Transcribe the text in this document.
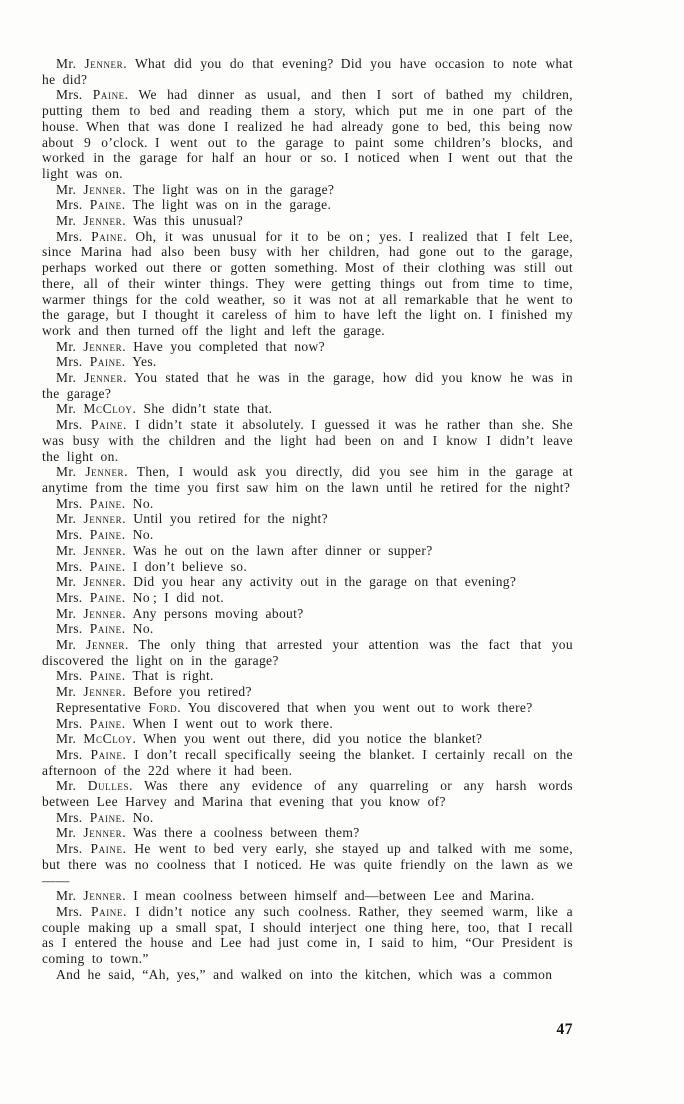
Mr. Jenner. What did you do that evening? Did you have occasion to note what he did?

Mrs. Paine. We had dinner as usual, and then I sort of bathed my children, putting them to bed and reading them a story, which put me in one part of the house. When that was done I realized he had already gone to bed, this being now about 9 o’clock. I went out to the garage to paint some children’s blocks, and worked in the garage for half an hour or so. I noticed when I went out that the light was on.

Mr. Jenner. The light was on in the garage?

Mrs. Paine. The light was on in the garage.

Mr. Jenner. Was this unusual?

Mrs. Paine. Oh, it was unusual for it to be on ; yes. I realized that I felt Lee, since Marina had also been busy with her children, had gone out to the garage, perhaps worked out there or gotten something. Most of their clothing was still out there, all of their winter things. They were getting things out from time to time, warmer things for the cold weather, so it was not at all remarkable that he went to the garage, but I thought it careless of him to have left the light on. I finished my work and then turned off the light and left the garage.

Mr. Jenner. Have you completed that now?

Mrs. Paine. Yes.

Mr. Jenner. You stated that he was in the garage, how did you know he was in the garage?

Mr. McCloy. She didn’t state that.

Mrs. Paine. I didn’t state it absolutely. I guessed it was he rather than she. She was busy with the children and the light had been on and I know I didn’t leave the light on.

Mr. Jenner. Then, I would ask you directly, did you see him in the garage at anytime from the time you first saw him on the lawn until he retired for the night?

Mrs. Paine. No.

Mr. Jenner. Until you retired for the night?

Mrs. Paine. No.

Mr. Jenner. Was he out on the lawn after dinner or supper?

Mrs. Paine. I don’t believe so.

Mr. Jenner. Did you hear any activity out in the garage on that evening?

Mrs. Paine. No ; I did not.

Mr. Jenner. Any persons moving about?

Mrs. Paine. No.

Mr. Jenner. The only thing that arrested your attention was the fact that you discovered the light on in the garage?

Mrs. Paine. That is right.

Mr. Jenner. Before you retired?

Representative Ford. You discovered that when you went out to work there?

Mrs. Paine. When I went out to work there.

Mr. McCloy. When you went out there, did you notice the blanket?

Mrs. Paine. I don’t recall specifically seeing the blanket. I certainly recall on the afternoon of the 22d where it had been.

Mr. Dulles. Was there any evidence of any quarreling or any harsh words between Lee Harvey and Marina that evening that you know of?

Mrs. Paine. No.

Mr. Jenner. Was there a coolness between them?

Mrs. Paine. He went to bed very early, she stayed up and talked with me some, but there was no coolness that I noticed. He was quite friendly on the lawn as we——

Mr. Jenner. I mean coolness between himself and—between Lee and Marina.

Mrs. Paine. I didn’t notice any such coolness. Rather, they seemed warm, like a couple making up a small spat, I should interject one thing here, too, that I recall as I entered the house and Lee had just come in, I said to him, “Our President is coming to town.”

And he said, “Ah, yes,” and walked on into the kitchen, which was a common

47
